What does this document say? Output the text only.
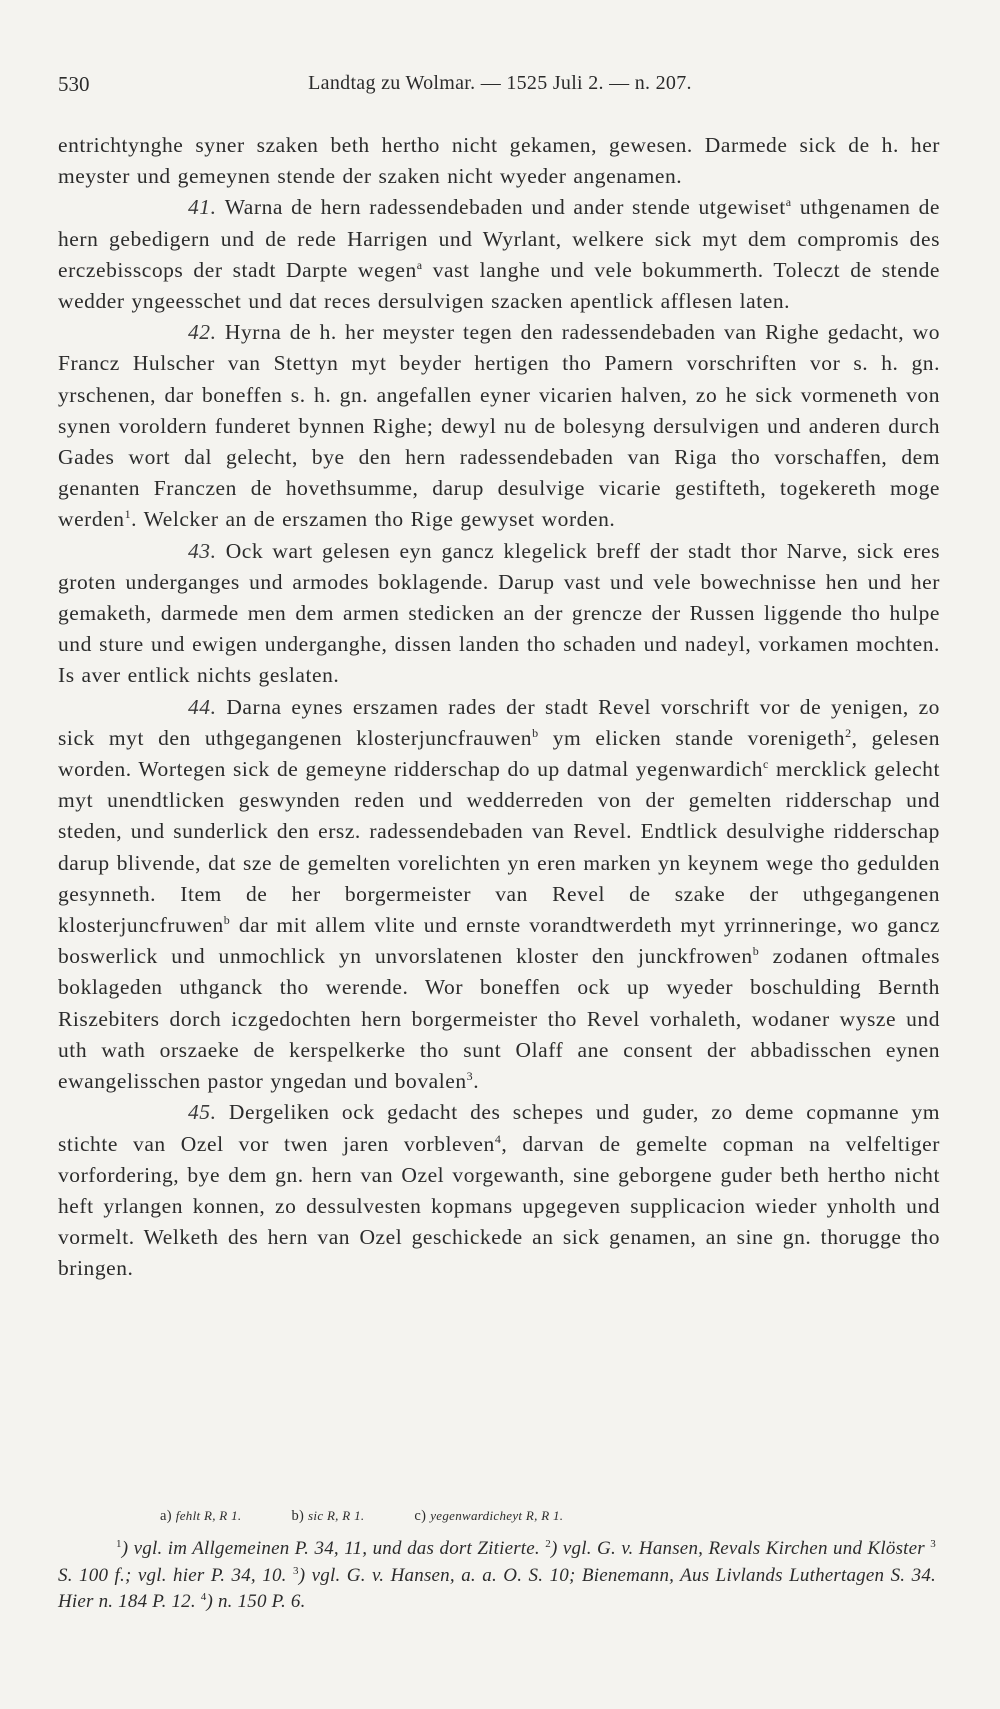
530	Landtag zu Wolmar. — 1525 Juli 2. — n. 207.

entrichtynghe syner szaken beth hertho nicht gekamen, gewesen. Darmede sick de h. her meyster und gemeynen stende der szaken nicht wyeder angenamen.

41. Warna de hern radessendebaden und ander stende utgewiset$^a$ uthgenamen de hern gebedigern und de rede Harrigen und Wyrlant, welkere sick myt dem compromis des erczebisscops der stadt Darpte wegen$^a$ vast langhe und vele bokummerth. Toleczt de stende wedder yngeesschet und dat reces dersulvigen szacken apentlick afflesen laten.

42. Hyrna de h. her meyster tegen den radessendebaden van Righe gedacht, wo Francz Hulscher van Stettyn myt beyder hertigen tho Pamern vorschriften vor s. h. gn. yrschenen, dar boneffen s. h. gn. angefallen eyner vicarien halven, zo he sick vormeneth von synen voroldern funderet bynnen Righe; dewyl nu de bolesyng dersulvigen und anderen durch Gades wort dal gelecht, bye den hern radessendebaden van Riga tho vorschaffen, dem genanten Franczen de hovethsumme, darup desulvige vicarie gestifteth, togekereth moge werden$^1$. Welcker an de erszamen tho Rige gewyset worden.

43. Ock wart gelesen eyn gancz klegelick breff der stadt thor Narve, sick eres groten underganges und armodes boklagende. Darup vast und vele bowechnisse hen und her gemaketh, darmede men dem armen stedicken an der grencze der Russen liggende tho hulpe und sture und ewigen underganghe, dissen landen tho schaden und nadeyl, vorkamen mochten. Is aver entlick nichts geslaten.

44. Darna eynes erszamen rades der stadt Revel vorschrift vor de yenigen, zo sick myt den uthgegangenen klosterjuncfrauwen$^b$ ym elicken stande vorenigeth$^2$, gelesen worden. Wortegen sick de gemeyne ridderschap do up datmal yegenwardich$^c$ mercklick gelecht myt unendtlicken geswynden reden und wedderreden von der gemelten ridderschap und steden, und sunderlick den ersz. radessendebaden van Revel. Endtlick desulvighe ridderschap darup blivende, dat sze de gemelten vorelichten yn eren marken yn keynem wege tho gedulden gesynneth. Item de her borgermeister van Revel de szake der uthgegangenen klosterjuncfruwen$^b$ dar mit allem vlite und ernste vorandtwerdeth myt yrrinneringe, wo gancz boswerlick und unmochlick yn unvorslatenen kloster den junckfrowen$^b$ zodanen oftmales boklageden uthganck tho werende. Wor boneffen ock up wyeder boschulding Bernth Riszebiters dorch iczgedochten hern borgermeister tho Revel vorhaleth, wodaner wysze und uth wath orszaeke de kerspelkerke tho sunt Olaff ane consent der abbadisschen eynen ewangelisschen pastor yngedan und bovalen$^3$.

45. Dergeliken ock gedacht des schepes und guder, zo deme copmanne ym stichte van Ozel vor twen jaren vorbleven$^4$, darvan de gemelte copman na velfeltiger vorfordering, bye dem gn. hern van Ozel vorgewanth, sine geborgene guder beth hertho nicht heft yrlangen konnen, zo dessulvesten kopmans upgegeven supplicacion wieder ynholth und vormelt. Welketh des hern van Ozel geschickede an sick genamen, an sine gn. thorugge tho bringen.

a) fehlt R, R 1.	b) sic R, R 1.	c) yegenwardicheyt R, R 1.

$^1$) vgl. im Allgemeinen P. 34, 11, und das dort Zitierte. $^2$) vgl. G. v. Hansen, Revals Kirchen und Klöster $^3$ S. 100 f.; vgl. hier P. 34, 10. $^3$) vgl. G. v. Hansen, a. a. O. S. 10; Bienemann, Aus Livlands Luthertagen S. 34. Hier n. 184 P. 12. $^4$) n. 150 P. 6.
